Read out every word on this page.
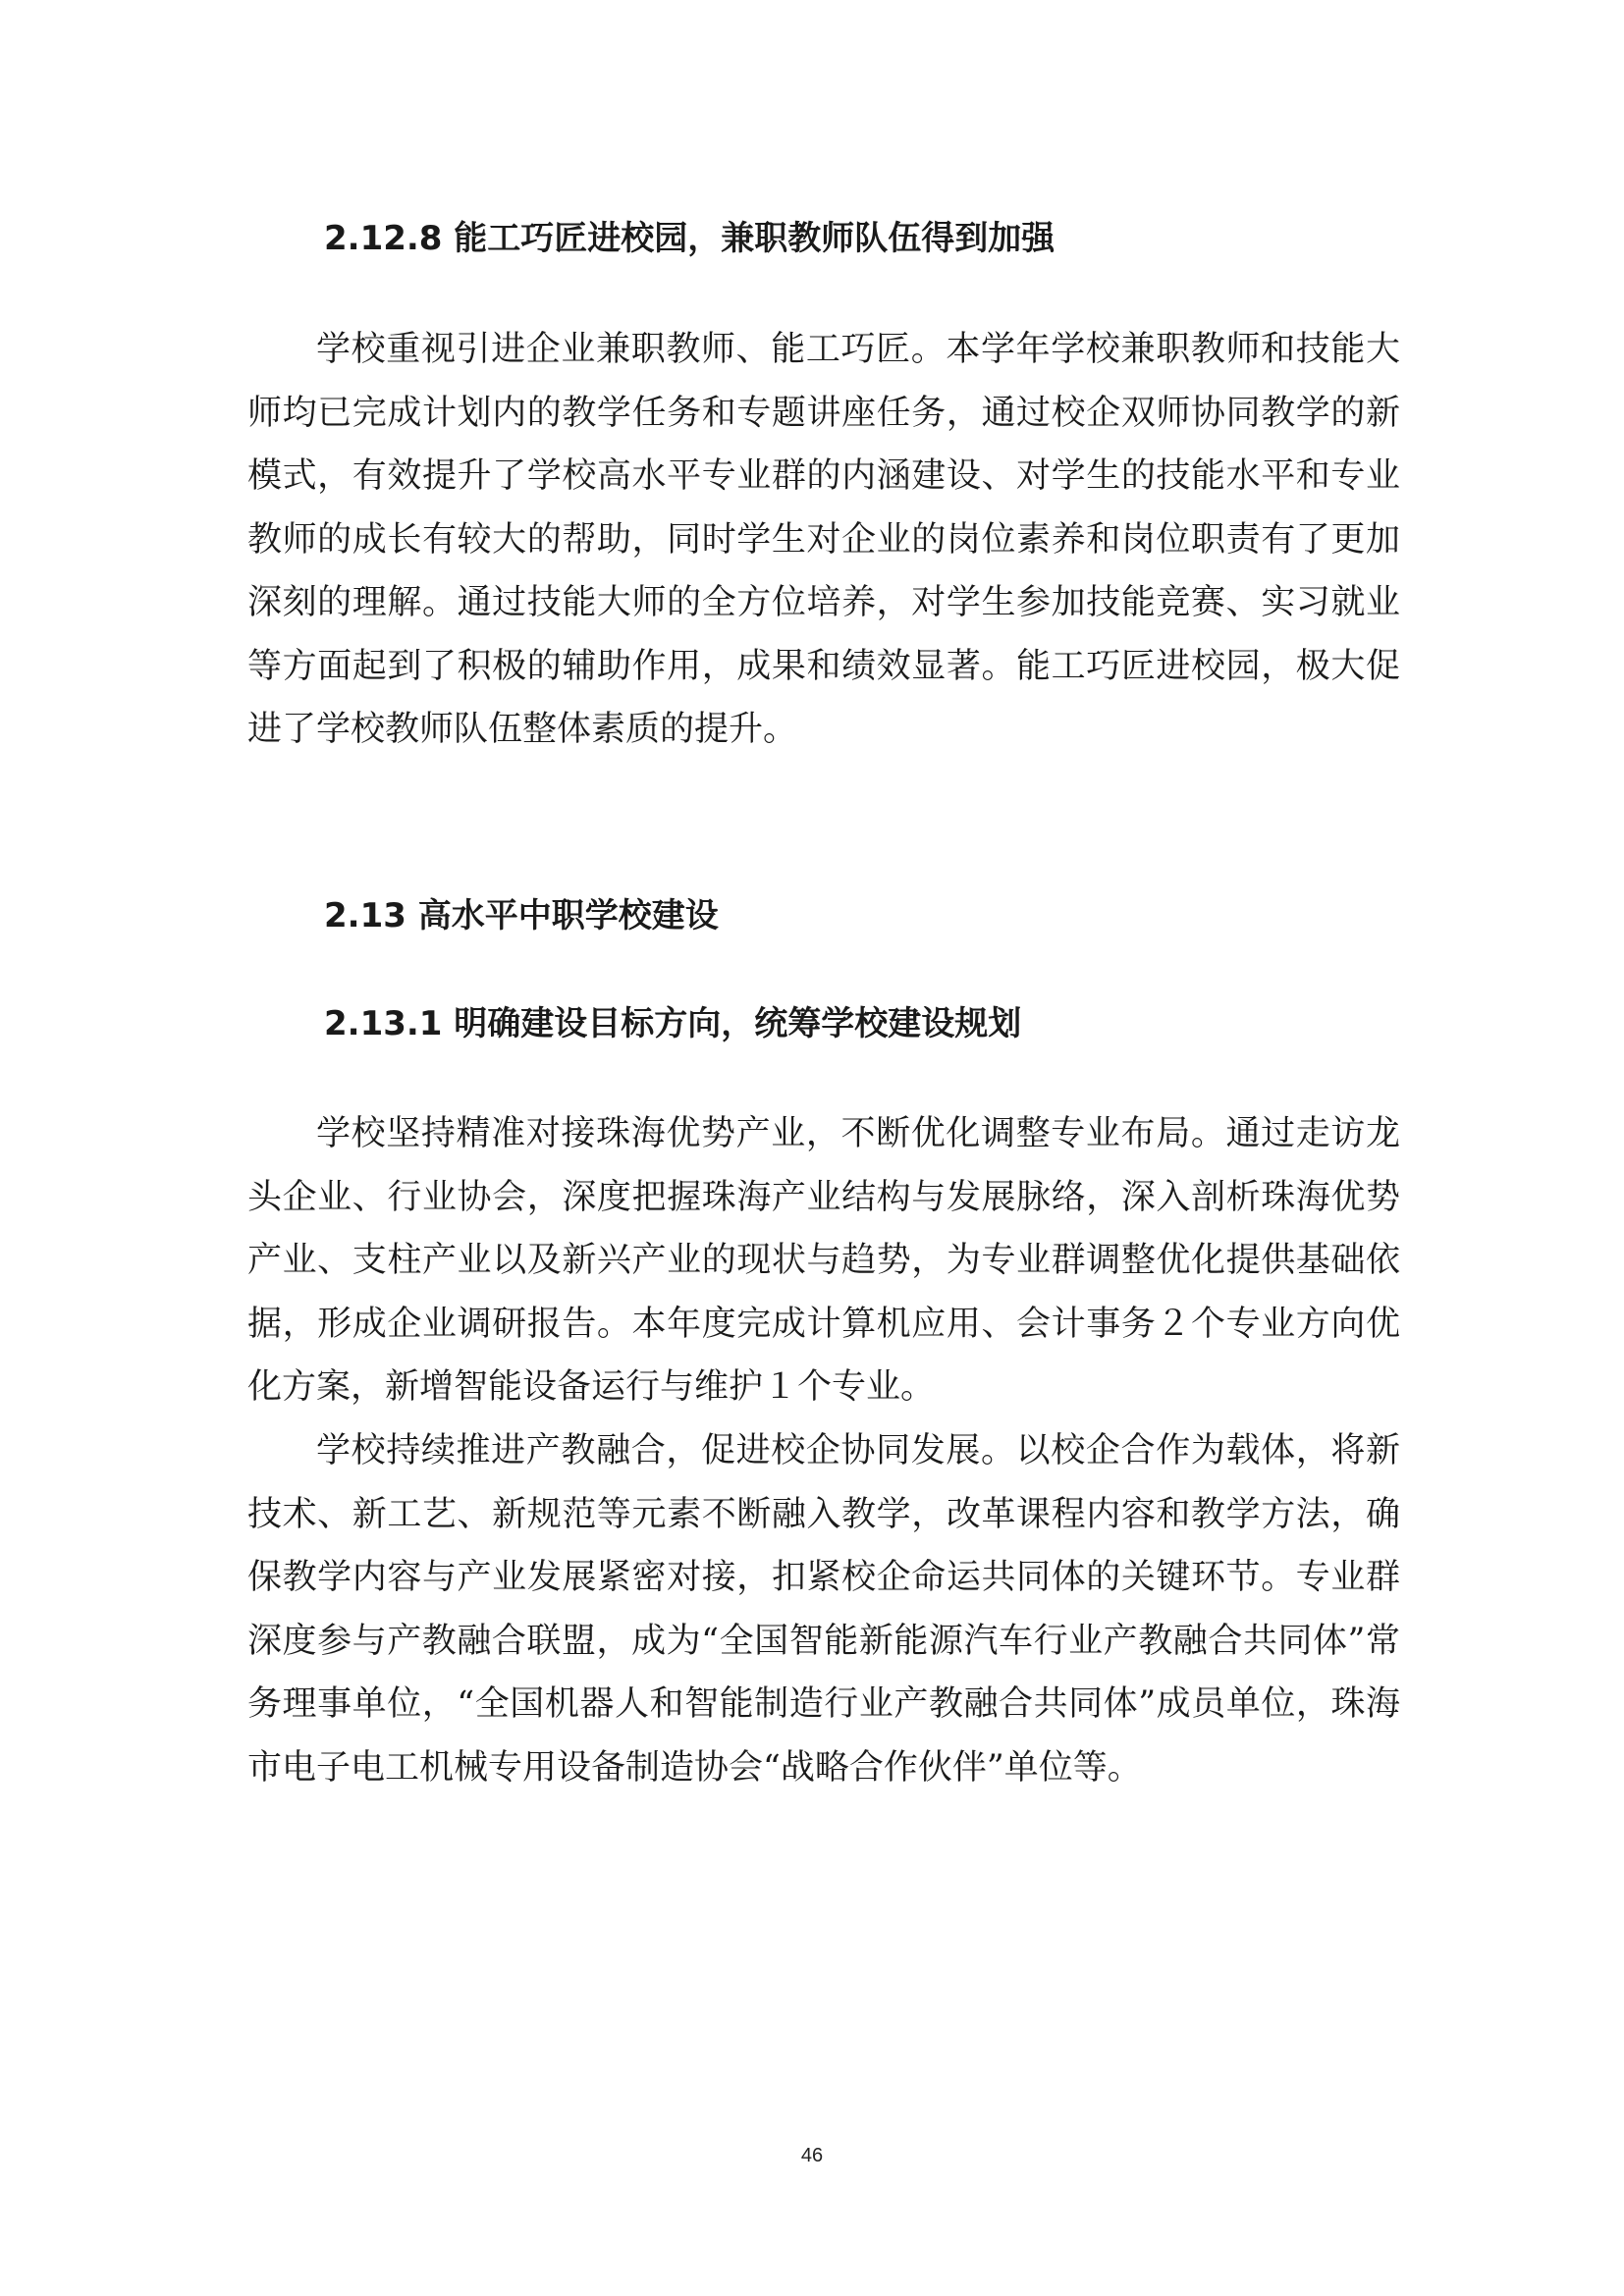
2.12.8 能工巧匠进校园，兼职教师队伍得到加强

学校重视引进企业兼职教师、能工巧匠。本学年学校兼职教师和技能大师均已完成计划内的教学任务和专题讲座任务，通过校企双师协同教学的新模式，有效提升了学校高水平专业群的内涵建设、对学生的技能水平和专业教师的成长有较大的帮助，同时学生对企业的岗位素养和岗位职责有了更加深刻的理解。通过技能大师的全方位培养，对学生参加技能竞赛、实习就业等方面起到了积极的辅助作用，成果和绩效显著。能工巧匠进校园，极大促进了学校教师队伍整体素质的提升。

2.13 高水平中职学校建设
2.13.1 明确建设目标方向，统筹学校建设规划

学校坚持精准对接珠海优势产业，不断优化调整专业布局。通过走访龙头企业、行业协会，深度把握珠海产业结构与发展脉络，深入剖析珠海优势产业、支柱产业以及新兴产业的现状与趋势，为专业群调整优化提供基础依据，形成企业调研报告。本年度完成计算机应用、会计事务２个专业方向优化方案，新增智能设备运行与维护１个专业。

学校持续推进产教融合，促进校企协同发展。以校企合作为载体，将新技术、新工艺、新规范等元素不断融入教学，改革课程内容和教学方法，确保教学内容与产业发展紧密对接，扣紧校企命运共同体的关键环节。专业群深度参与产教融合联盟，成为“全国智能新能源汽车行业产教融合共同体”常务理事单位，“全国机器人和智能制造行业产教融合共同体”成员单位，珠海市电子电工机械专用设备制造协会“战略合作伙伴”单位等。

46
